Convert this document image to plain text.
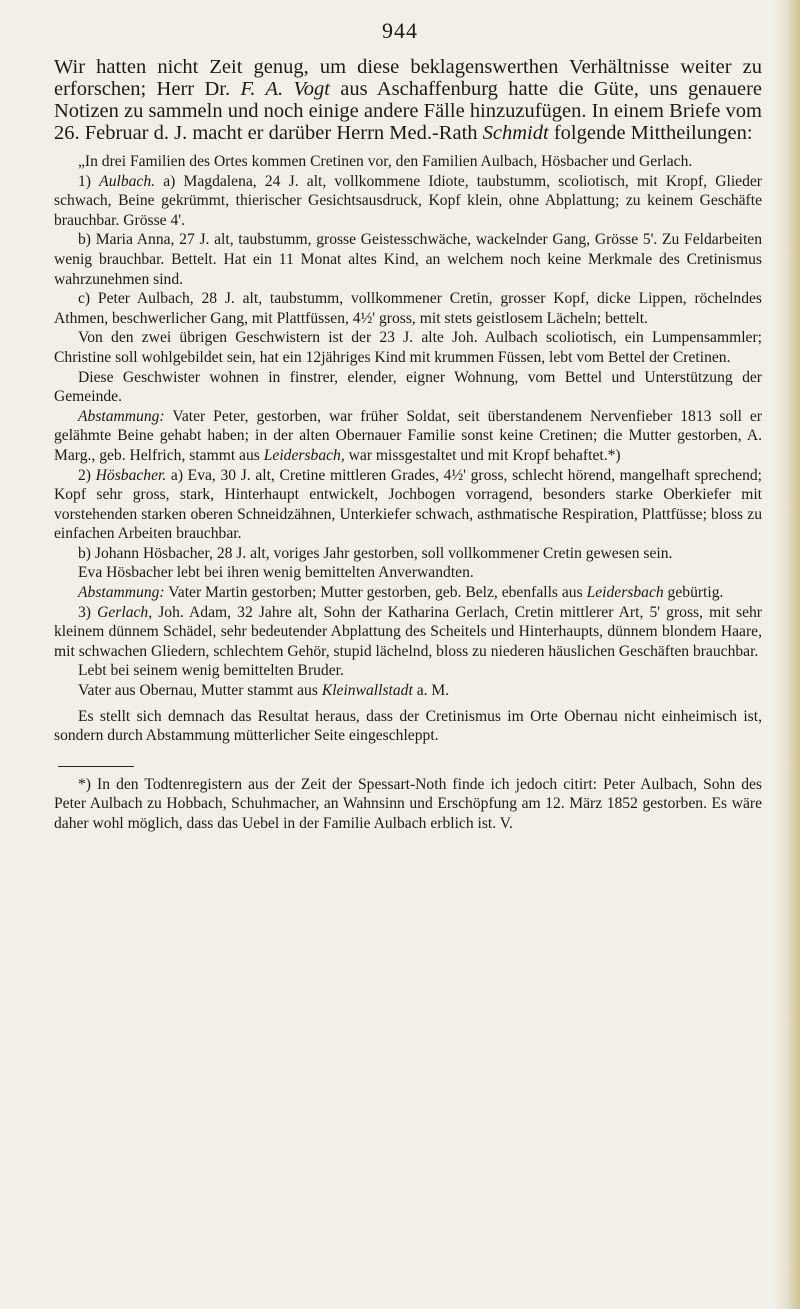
944

Wir hatten nicht Zeit genug, um diese beklagenswerthen Verhältnisse weiter zu erforschen; Herr Dr. F. A. Vogt aus Aschaffenburg hatte die Güte, uns genauere Notizen zu sammeln und noch einige andere Fälle hinzuzufügen. In einem Briefe vom 26. Februar d. J. macht er darüber Herrn Med.-Rath Schmidt folgende Mittheilungen:

„In drei Familien des Ortes kommen Cretinen vor, den Familien Aulbach, Hösbacher und Gerlach.

1) Aulbach. a) Magdalena, 24 J. alt, vollkommene Idiote, taubstumm, scoliotisch, mit Kropf, Glieder schwach, Beine gekrümmt, thierischer Gesichtsausdruck, Kopf klein, ohne Abplattung; zu keinem Geschäfte brauchbar. Grösse 4'.

b) Maria Anna, 27 J. alt, taubstumm, grosse Geistesschwäche, wackelnder Gang, Grösse 5'. Zu Feldarbeiten wenig brauchbar. Bettelt. Hat ein 11 Monat altes Kind, an welchem noch keine Merkmale des Cretinismus wahrzunehmen sind.

c) Peter Aulbach, 28 J. alt, taubstumm, vollkommener Cretin, grosser Kopf, dicke Lippen, röchelndes Athmen, beschwerlicher Gang, mit Plattfüssen, 4½' gross, mit stets geistlosem Lächeln; bettelt.

Von den zwei übrigen Geschwistern ist der 23 J. alte Joh. Aulbach scoliotisch, ein Lumpensammler; Christine soll wohlgebildet sein, hat ein 12jähriges Kind mit krummen Füssen, lebt vom Bettel der Cretinen.

Diese Geschwister wohnen in finstrer, elender, eigner Wohnung, vom Bettel und Unterstützung der Gemeinde.

Abstammung: Vater Peter, gestorben, war früher Soldat, seit überstandenem Nervenfieber 1813 soll er gelähmte Beine gehabt haben; in der alten Obernauer Familie sonst keine Cretinen; die Mutter gestorben, A. Marg., geb. Helfrich, stammt aus Leidersbach, war missgestaltet und mit Kropf behaftet.*)

2) Hösbacher. a) Eva, 30 J. alt, Cretine mittleren Grades, 4½' gross, schlecht hörend, mangelhaft sprechend; Kopf sehr gross, stark, Hinterhaupt entwickelt, Jochbogen vorragend, besonders starke Oberkiefer mit vorstehenden starken oberen Schneidzähnen, Unterkiefer schwach, asthmatische Respiration, Plattfüsse; bloss zu einfachen Arbeiten brauchbar.

b) Johann Hösbacher, 28 J. alt, voriges Jahr gestorben, soll vollkommener Cretin gewesen sein.

Eva Hösbacher lebt bei ihren wenig bemittelten Anverwandten.

Abstammung: Vater Martin gestorben; Mutter gestorben, geb. Belz, ebenfalls aus Leidersbach gebürtig.

3) Gerlach, Joh. Adam, 32 Jahre alt, Sohn der Katharina Gerlach, Cretin mittlerer Art, 5' gross, mit sehr kleinem dünnem Schädel, sehr bedeutender Abplattung des Scheitels und Hinterhaupts, dünnem blondem Haare, mit schwachen Gliedern, schlechtem Gehör, stupid lächelnd, bloss zu niederen häuslichen Geschäften brauchbar.

Lebt bei seinem wenig bemittelten Bruder.

Vater aus Obernau, Mutter stammt aus Kleinwallstadt a. M.

Es stellt sich demnach das Resultat heraus, dass der Cretinismus im Orte Obernau nicht einheimisch ist, sondern durch Abstammung mütterlicher Seite eingeschleppt.

*) In den Todtenregistern aus der Zeit der Spessart-Noth finde ich jedoch citirt: Peter Aulbach, Sohn des Peter Aulbach zu Hobbach, Schuhmacher, an Wahnsinn und Erschöpfung am 12. März 1852 gestorben. Es wäre daher wohl möglich, dass das Uebel in der Familie Aulbach erblich ist. V.
